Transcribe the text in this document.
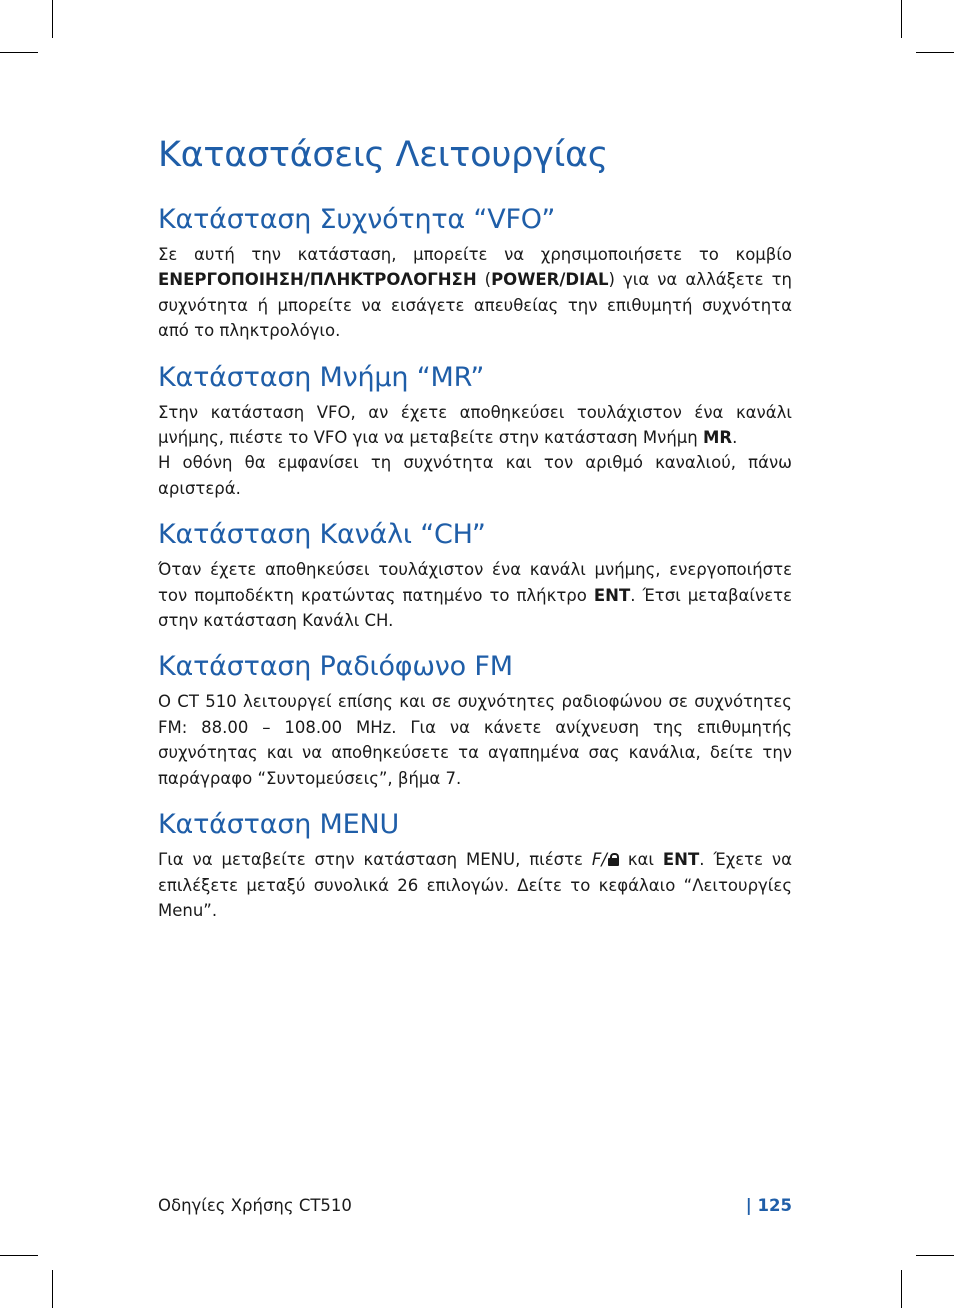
Καταστάσεις Λειτουργίας
Κατάσταση Συχνότητα “VFO”

Σε αυτή την κατάσταση, μπορείτε να χρησιμοποιήσετε το κομβίο ΕΝΕΡΓΟΠΟΙΗΣΗ/ΠΛΗΚΤΡΟΛΟΓΗΣΗ (POWER/DIAL) για να αλλάξετε τη συχνότητα ή μπορείτε να εισάγετε απευθείας την επιθυμητή συχνότητα από το πληκτρολόγιο.

Κατάσταση Μνήμη “MR”

Στην κατάσταση VFO, αν έχετε αποθηκεύσει τουλάχιστον ένα κανάλι μνήμης, πιέστε το VFO για να μεταβείτε στην κατάσταση Μνήμη MR.

Η οθόνη θα εμφανίσει τη συχνότητα και τον αριθμό καναλιού, πάνω αριστερά.

Κατάσταση Κανάλι “CH”

Όταν έχετε αποθηκεύσει τουλάχιστον ένα κανάλι μνήμης, ενεργοποιήστε τον πομποδέκτη κρατώντας πατημένο το πλήκτρο ENT. Έτσι μεταβαίνετε στην κατάσταση Κανάλι CH.

Κατάσταση Ραδιόφωνο FM

Ο CT 510 λειτουργεί επίσης και σε συχνότητες ραδιοφώνου σε συχνότητες FM: 88.00 – 108.00 MHz. Για να κάνετε ανίχνευση της επιθυμητής συχνότητας και να αποθηκεύσετε τα αγαπημένα σας κανάλια, δείτε την παράγραφο “Συντομεύσεις”, βήμα 7.

Κατάσταση MENU

Για να μεταβείτε στην κατάσταση MENU, πιέστε F/
και ENT. Έχετε να επιλέξετε μεταξύ συνολικά 26 επιλογών. Δείτε το κεφάλαιο “Λειτουργίες Menu”.

Οδηγίες Χρήσης CT510	| 125
